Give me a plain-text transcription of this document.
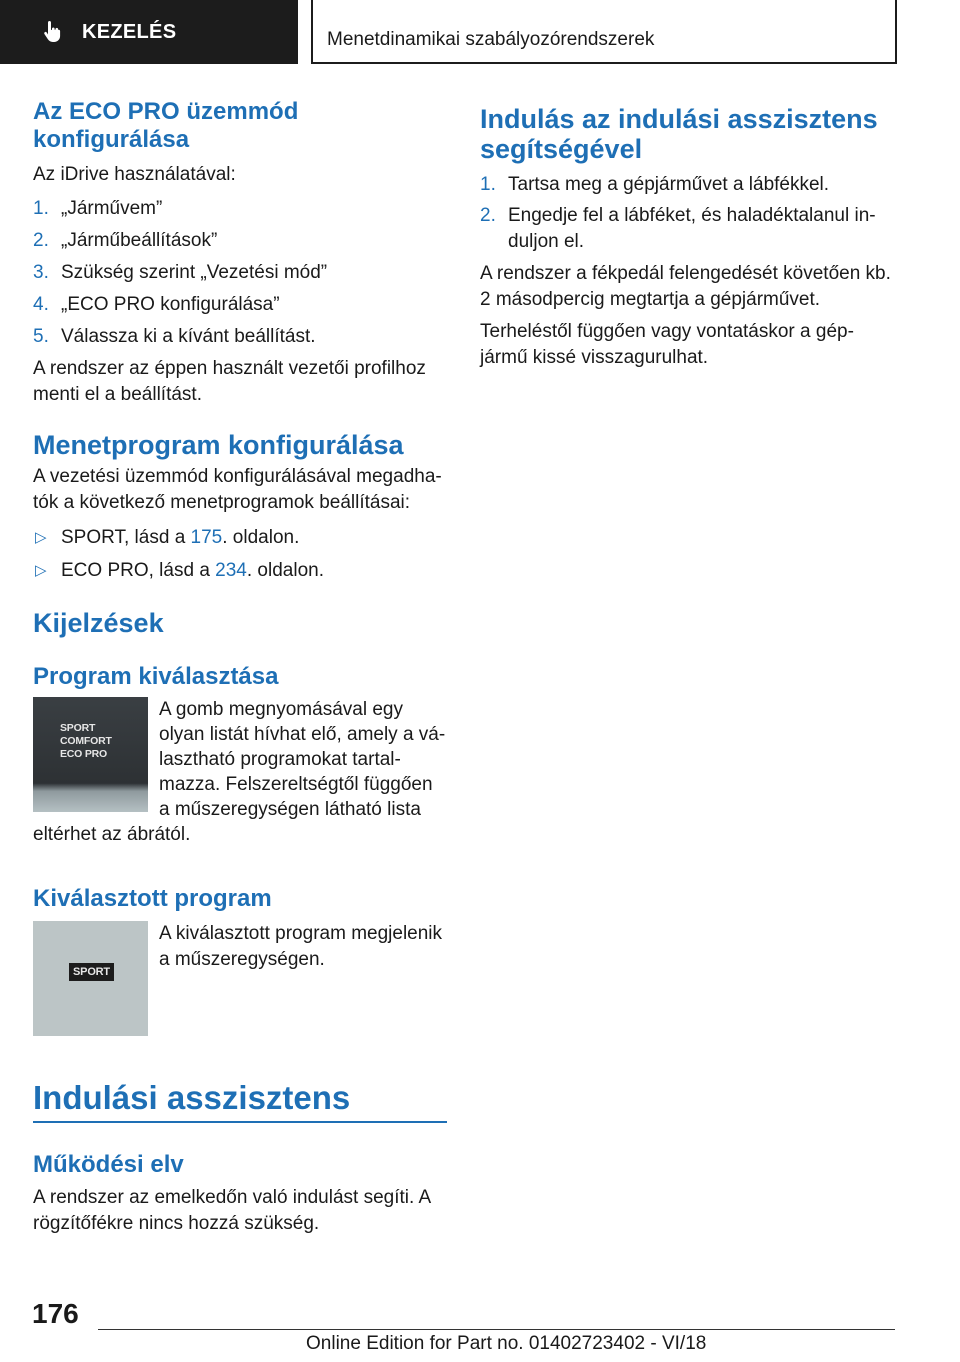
KEZELÉS	Menetdinamikai szabályozórendszerek
Az ECO PRO üzemmód konfigurálása

Az iDrive használatával:

1. „Járművem”
2. „Járműbeállítások”
3. Szükség szerint „Vezetési mód”
4. „ECO PRO konfigurálása”
5. Válassza ki a kívánt beállítást.

A rendszer az éppen használt vezetői profilhoz menti el a beállítást.

Menetprogram konfigurálása

A vezetési üzemmód konfigurálásával megadhatók a következő menetprogramok beállításai:

▷ SPORT, lásd a 175. oldalon.
▷ ECO PRO, lásd a 234. oldalon.
Kijelzések
Program kiválasztása
SPORT
COMFORT
ECO PRO

A gomb megnyomásával egy olyan listát hívhat elő, amely a választható programokat tartalmazza. Felszereltségtől függően a műszeregységen látható lista eltérhet az ábrától.

Kiválasztott program
SPORT

A kiválasztott program megjelenik a műszeregységen.

Indulási asszisztens
Működési elv

A rendszer az emelkedőn való indulást segíti. A rögzítőfékre nincs hozzá szükség.

Indulás az indulási asszisztens segítségével
1. Tartsa meg a gépjárművet a lábfékkel.
2. Engedje fel a lábféket, és haladéktalanul induljon el.

A rendszer a fékpedál felengedését követően kb. 2 másodpercig megtartja a gépjárművet.

Terheléstől függően vagy vontatáskor a gépjármű kissé visszagurulhat.

176
Online Edition for Part no. 01402723402 - VI/18
